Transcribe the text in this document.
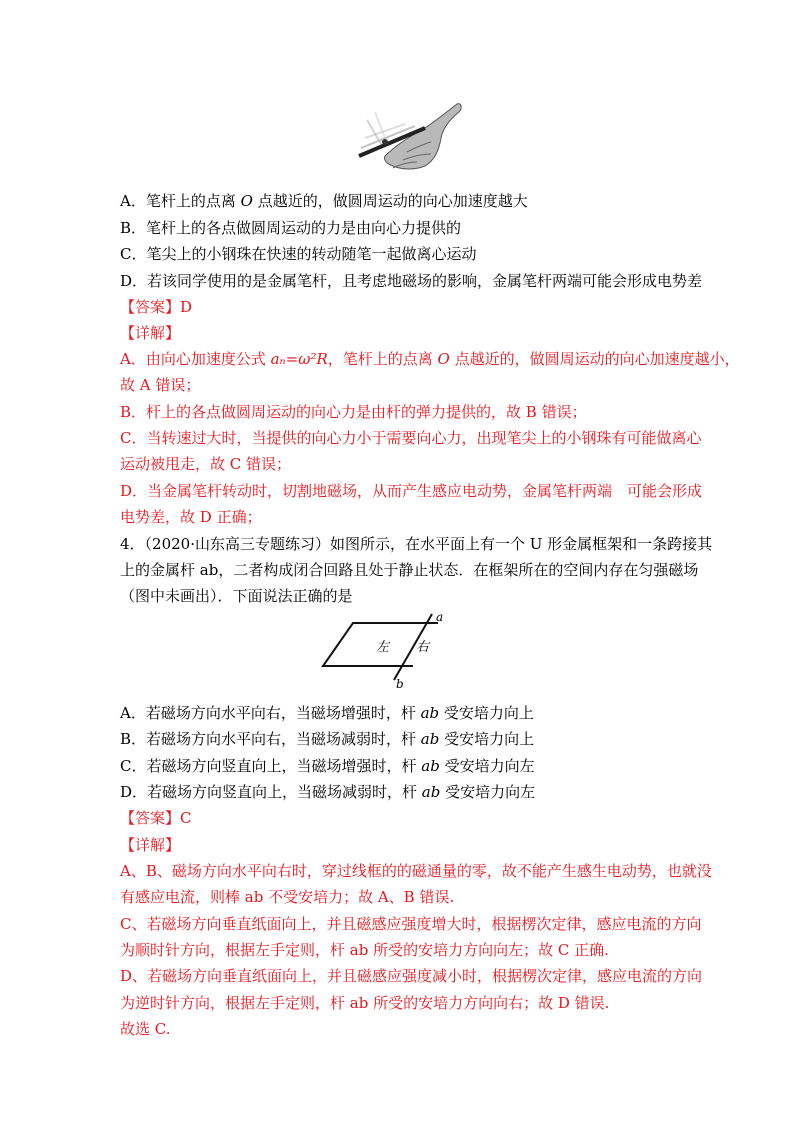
A．笔杆上的点离 O 点越近的，做圆周运动的向心加速度越大
B．笔杆上的各点做圆周运动的力是由向心力提供的
C．笔尖上的小钢珠在快速的转动随笔一起做离心运动
D．若该同学使用的是金属笔杆，且考虑地磁场的影响，金属笔杆两端可能会形成电势差
【答案】D
【详解】
A．由向心加速度公式 aₙ=ω²R，笔杆上的点离 O 点越近的，做圆周运动的向心加速度越小，
故 A 错误；
B．杆上的各点做圆周运动的向心力是由杆的弹力提供的，故 B 错误；
C．当转速过大时，当提供的向心力小于需要向心力，出现笔尖上的小钢珠有可能做离心
运动被甩走，故 C 错误；
D．当金属笔杆转动时，切割地磁场，从而产生感应电动势，金属笔杆两端　可能会形成
电势差，故 D 正确；
4．（2020·山东高三专题练习）如图所示，在水平面上有一个 U 形金属框架和一条跨接其
上的金属杆 ab，二者构成闭合回路且处于静止状态．在框架所在的空间内存在匀强磁场
（图中未画出）．下面说法正确的是
左 右
a
b
A．若磁场方向水平向右，当磁场增强时，杆 ab 受安培力向上
B．若磁场方向水平向右，当磁场减弱时，杆 ab 受安培力向上
C．若磁场方向竖直向上，当磁场增强时，杆 ab 受安培力向左
D．若磁场方向竖直向上，当磁场减弱时，杆 ab 受安培力向左
【答案】C
【详解】
A、B、磁场方向水平向右时，穿过线框的的磁通量的零，故不能产生感生电动势，也就没
有感应电流，则棒 ab 不受安培力；故 A、B 错误.
C、若磁场方向垂直纸面向上，并且磁感应强度增大时，根据楞次定律，感应电流的方向
为顺时针方向，根据左手定则，杆 ab 所受的安培力方向向左；故 C 正确.
D、若磁场方向垂直纸面向上，并且磁感应强度减小时，根据楞次定律，感应电流的方向
为逆时针方向，根据左手定则，杆 ab 所受的安培力方向向右；故 D 错误.
故选 C.
